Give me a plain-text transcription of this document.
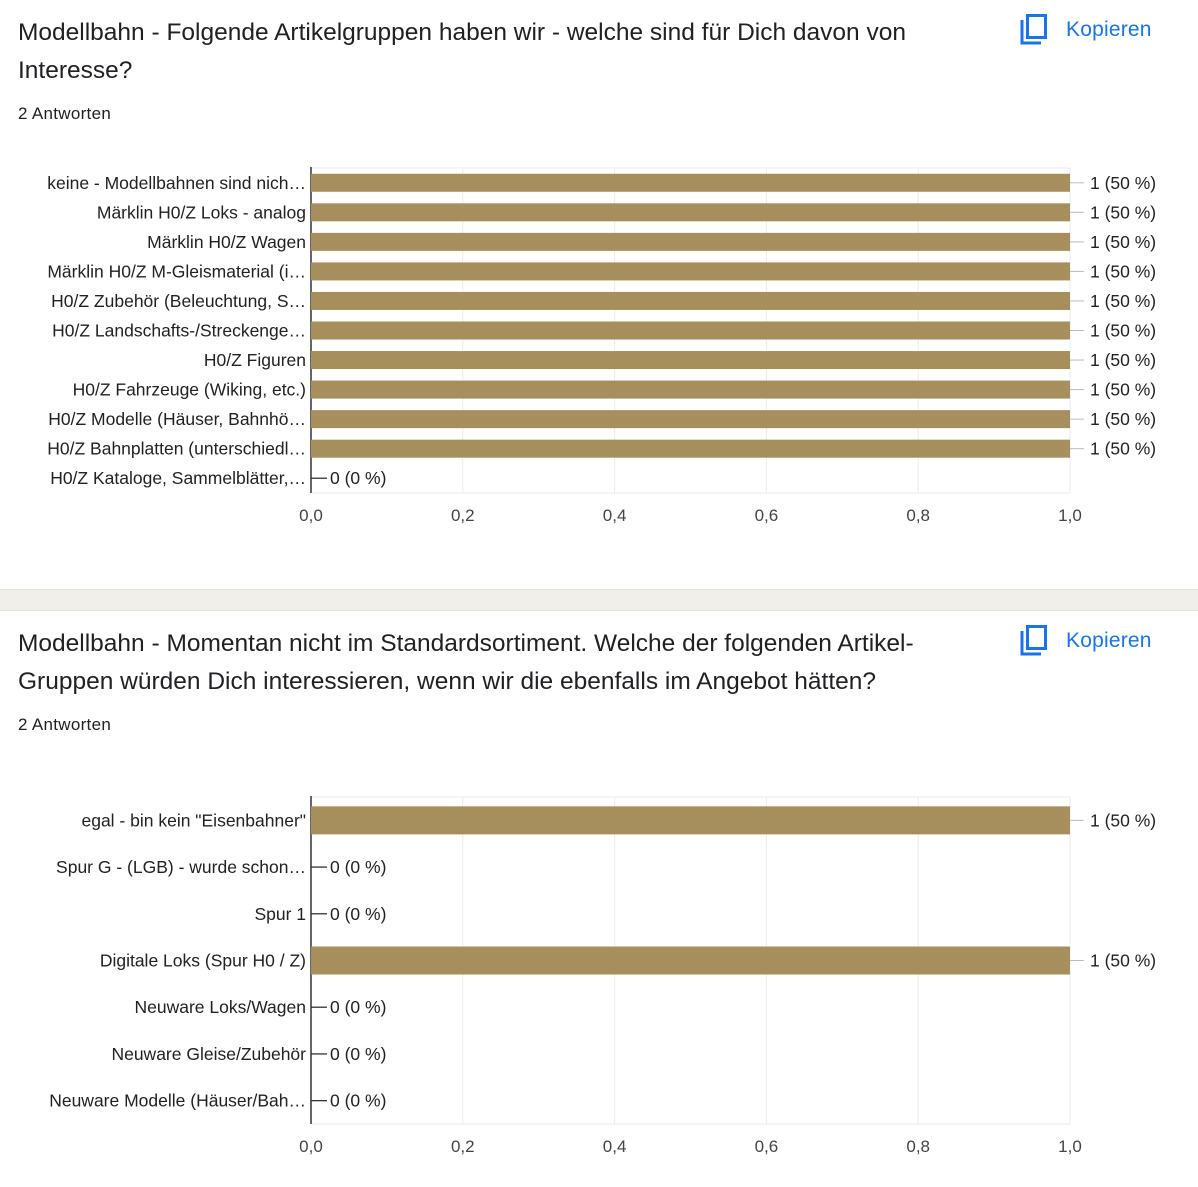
Modellbahn - Folgende Artikelgruppen haben wir - welche sind für Dich davon von Interesse?
2 Antworten
Kopieren
0,0	0,2	0,4	0,6	0,8	1,0
keine - Modellbahnen sind nich…	1 (50 %)
Märklin H0/Z Loks - analog	1 (50 %)
Märklin H0/Z Wagen	1 (50 %)
Märklin H0/Z M-Gleismaterial (i…	1 (50 %)
H0/Z Zubehör (Beleuchtung, S…	1 (50 %)
H0/Z Landschafts-/Streckenge…	1 (50 %)
H0/Z Figuren	1 (50 %)
H0/Z Fahrzeuge (Wiking, etc.)	1 (50 %)
H0/Z Modelle (Häuser, Bahnhö…	1 (50 %)
H0/Z Bahnplatten (unterschiedl…	1 (50 %)
H0/Z Kataloge, Sammelblätter,… 0 (0 %)
Modellbahn - Momentan nicht im Standardsortiment. Welche der folgenden Artikel-Gruppen würden Dich interessieren, wenn wir die ebenfalls im Angebot hätten?
2 Antworten
Kopieren
0,0	0,2	0,4	0,6	0,8	1,0
egal - bin kein "Eisenbahner"	1 (50 %)
Spur G - (LGB) - wurde schon… 0 (0 %)
Spur 1 0 (0 %)
Digitale Loks (Spur H0 / Z)	1 (50 %)
Neuware Loks/Wagen 0 (0 %)
Neuware Gleise/Zubehör 0 (0 %)
Neuware Modelle (Häuser/Bah… 0 (0 %)
